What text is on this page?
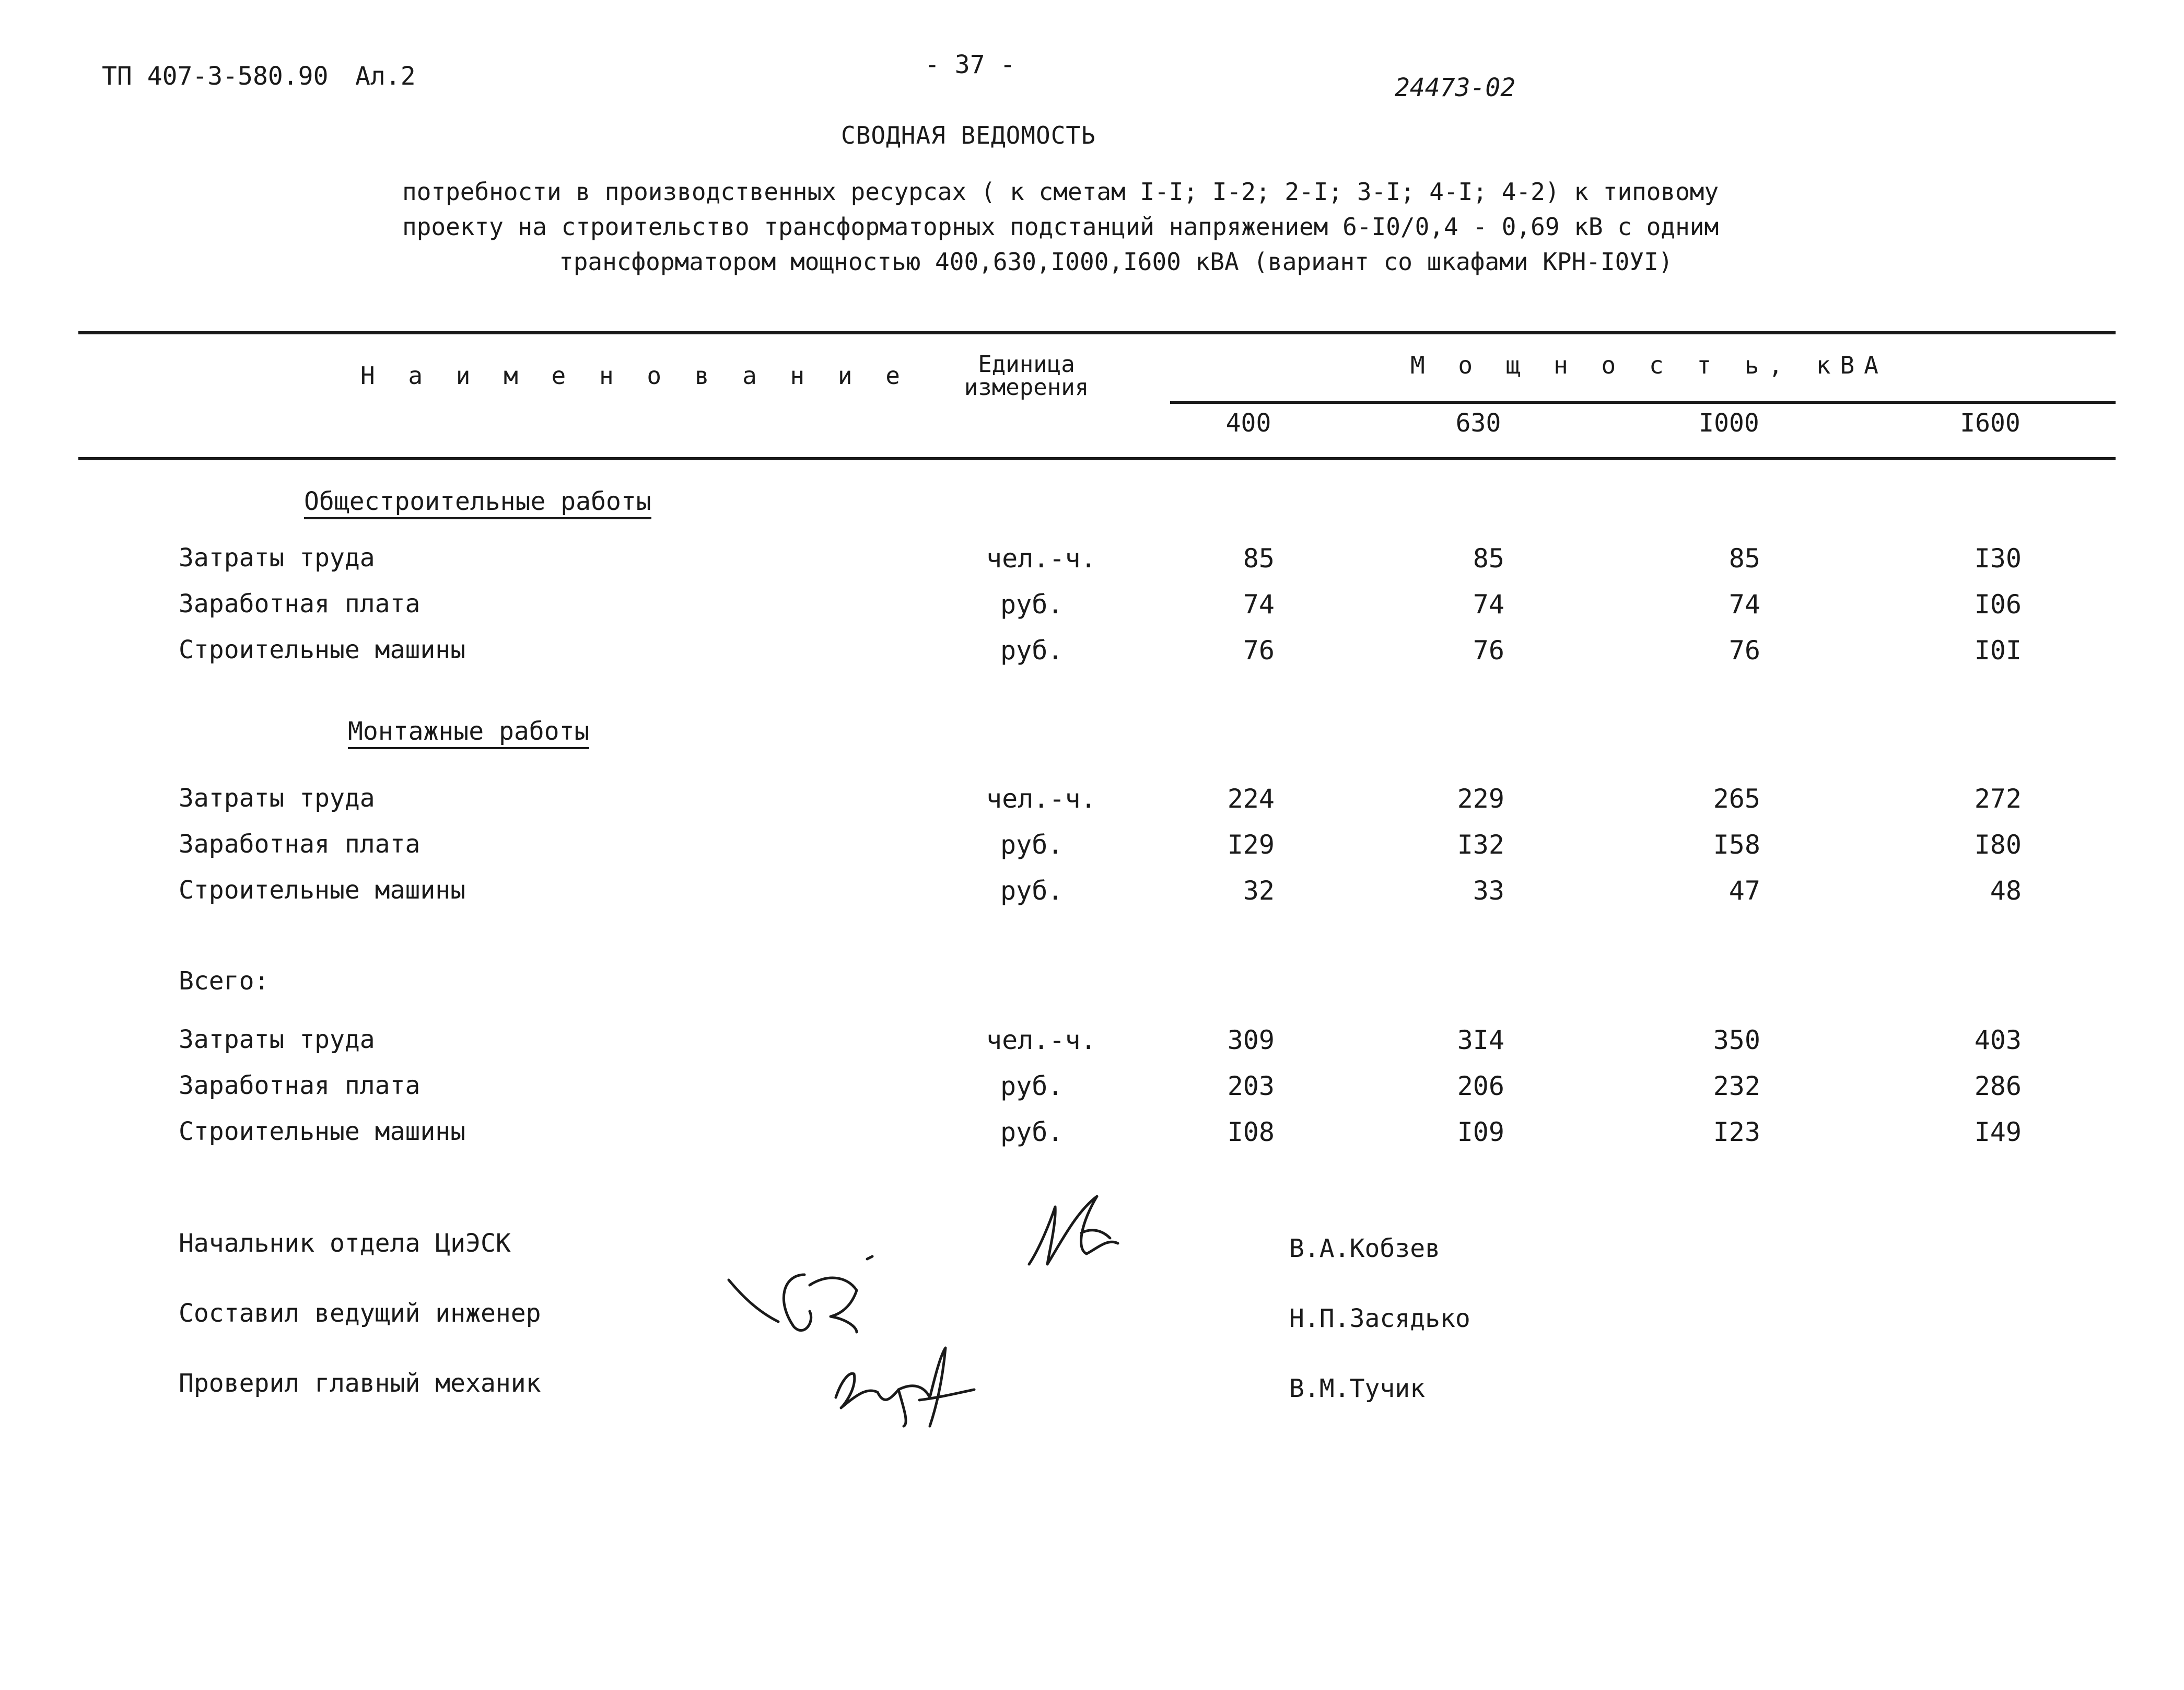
ТП 407-3-580.90 Ал.2	- 37 -
24473-02
СВОДНАЯ ВЕДОМОСТЬ
потребности в производственных ресурсах ( к сметам I-I; I-2; 2-I; 3-I; 4-I; 4-2) к типовому
проекту на строительство трансформаторных подстанций напряжением 6-I0/0,4 - 0,69 кВ с одним
трансформатором мощностью 400,630,I000,I600 кВА (вариант со шкафами КРН-I0УI)
Н а и м е н о в а н и е	Единица
измерения
М о щ н о с т ь, кВА
400	630	I000	I600
Общестроительные работы
Затраты труда	чел.-ч.	85	85	85	I30
Заработная плата	руб.	74	74	74	I06
Строительные машины	руб.	76	76	76	I0I
Монтажные работы
Затраты труда	чел.-ч.	224	229	265	272
Заработная плата	руб.	I29	I32	I58	I80
Строительные машины	руб.	32	33	47	48
Всего:
Затраты труда	чел.-ч.	309	3I4	350	403
Заработная плата	руб.	203	206	232	286
Строительные машины	руб.	I08	I09	I23	I49
Начальник отдела ЦиЭСК	В.А.Кобзев
Составил ведущий инженер	Н.П.Засядько
Проверил главный механик	В.М.Тучик
